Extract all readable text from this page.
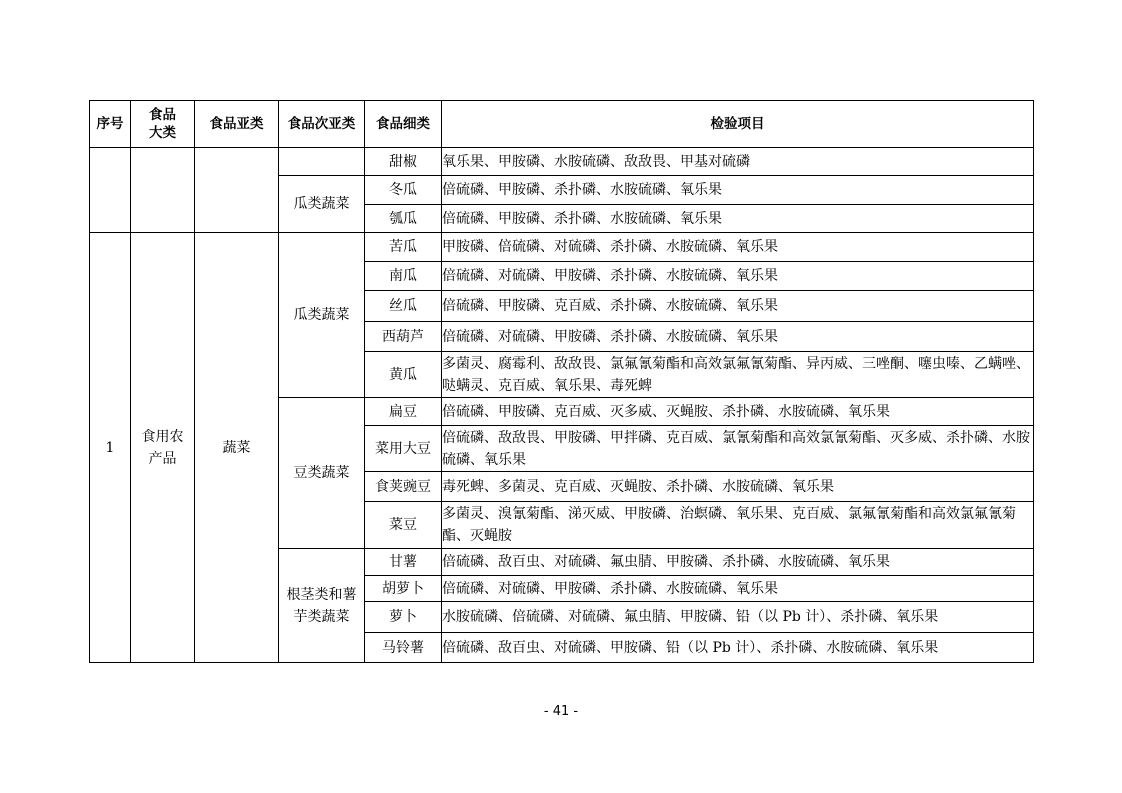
序号	食品大类	食品亚类	食品次亚类	食品细类	检验项目
				甜椒	氧乐果、甲胺磷、水胺硫磷、敌敌畏、甲基对硫磷
			瓜类蔬菜	冬瓜	倍硫磷、甲胺磷、杀扑磷、水胺硫磷、氧乐果
				瓠瓜	倍硫磷、甲胺磷、杀扑磷、水胺硫磷、氧乐果
1	食用农产品	蔬菜	瓜类蔬菜	苦瓜	甲胺磷、倍硫磷、对硫磷、杀扑磷、水胺硫磷、氧乐果
				南瓜	倍硫磷、对硫磷、甲胺磷、杀扑磷、水胺硫磷、氧乐果
				丝瓜	倍硫磷、甲胺磷、克百威、杀扑磷、水胺硫磷、氧乐果
				西葫芦	倍硫磷、对硫磷、甲胺磷、杀扑磷、水胺硫磷、氧乐果
				黄瓜	多菌灵、腐霉利、敌敌畏、氯氟氰菊酯和高效氯氟氰菊酯、异丙威、三唑酮、噻虫嗪、乙螨唑、哒螨灵、克百威、氧乐果、毒死蜱
			豆类蔬菜	扁豆	倍硫磷、甲胺磷、克百威、灭多威、灭蝇胺、杀扑磷、水胺硫磷、氧乐果
				菜用大豆	倍硫磷、敌敌畏、甲胺磷、甲拌磷、克百威、氯氰菊酯和高效氯氰菊酯、灭多威、杀扑磷、水胺硫磷、氧乐果
				食荚豌豆	毒死蜱、多菌灵、克百威、灭蝇胺、杀扑磷、水胺硫磷、氧乐果
				菜豆	多菌灵、溴氰菊酯、涕灭威、甲胺磷、治螟磷、氧乐果、克百威、氯氟氰菊酯和高效氯氟氰菊酯、灭蝇胺

			根茎类和薯芋类蔬菜	甘薯	倍硫磷、敌百虫、对硫磷、氟虫腈、甲胺磷、杀扑磷、水胺硫磷、氧乐果
				胡萝卜	倍硫磷、对硫磷、甲胺磷、杀扑磷、水胺硫磷、氧乐果
				萝卜	水胺硫磷、倍硫磷、对硫磷、氟虫腈、甲胺磷、铅（以 Pb 计）、杀扑磷、氧乐果
				马铃薯	倍硫磷、敌百虫、对硫磷、甲胺磷、铅（以 Pb 计）、杀扑磷、水胺硫磷、氧乐果
- 41 -
